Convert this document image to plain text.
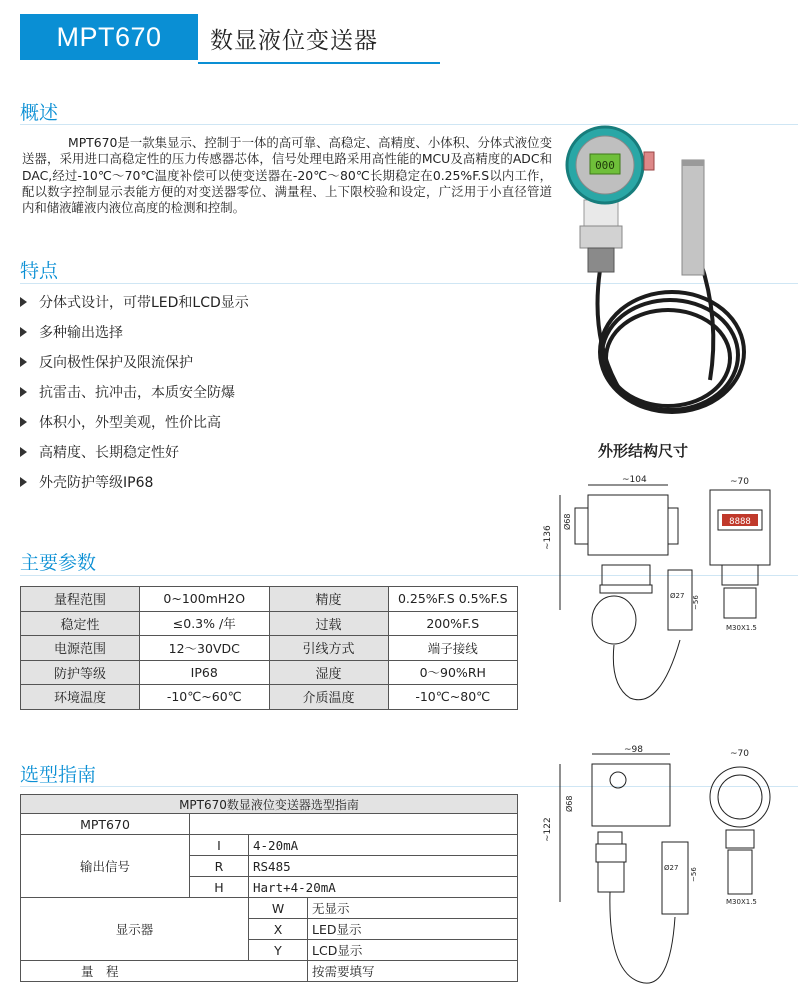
MPT670	数显液位变送器
概述
MPT670是一款集显示、控制于一体的高可靠、高稳定、高精度、小体积、分体式液位变送器，采用进口高稳定性的压力传感器芯体，信号处理电路采用高性能的MCU及高精度的ADC和DAC,经过-10℃～70℃温度补偿可以使变送器在-20℃～80℃长期稳定在0.25%F.S以内工作，配以数字控制显示表能方便的对变送器零位、满量程、上下限校验和设定，广泛用于小直径管道内和储液罐液内液位高度的检测和控制。
特点
分体式设计，可带LED和LCD显示
多种输出选择
反向极性保护及限流保护
抗雷击、抗冲击，本质安全防爆
体积小，外型美观，性价比高
高精度、长期稳定性好
外壳防护等级IP68
主要参数
量程范围	0~100mH2O	精度	0.25%F.S 0.5%F.S
稳定性	≤0.3% /年	过载	200%F.S
电源范围	12～30VDC	引线方式	端子接线
防护等级	IP68	湿度	0～90%RH
环境温度	-10℃~60℃	介质温度	-10℃~80℃
选型指南
MPT670数显液位变送器选型指南			
MPT670			
输出信号	I	4-20mA	
	R	RS485	
	H	Hart+4-20mA	
显示器		W	无显示
		X	LED显示
		Y	LCD显示
量　程			按需要填写
000
外形结构尺寸
8888
~104	~70
~136
Ø68
Ø27 ~56
M30X1.5
~98	~70
~122
Ø68
Ø27 ~56
M30X1.5
